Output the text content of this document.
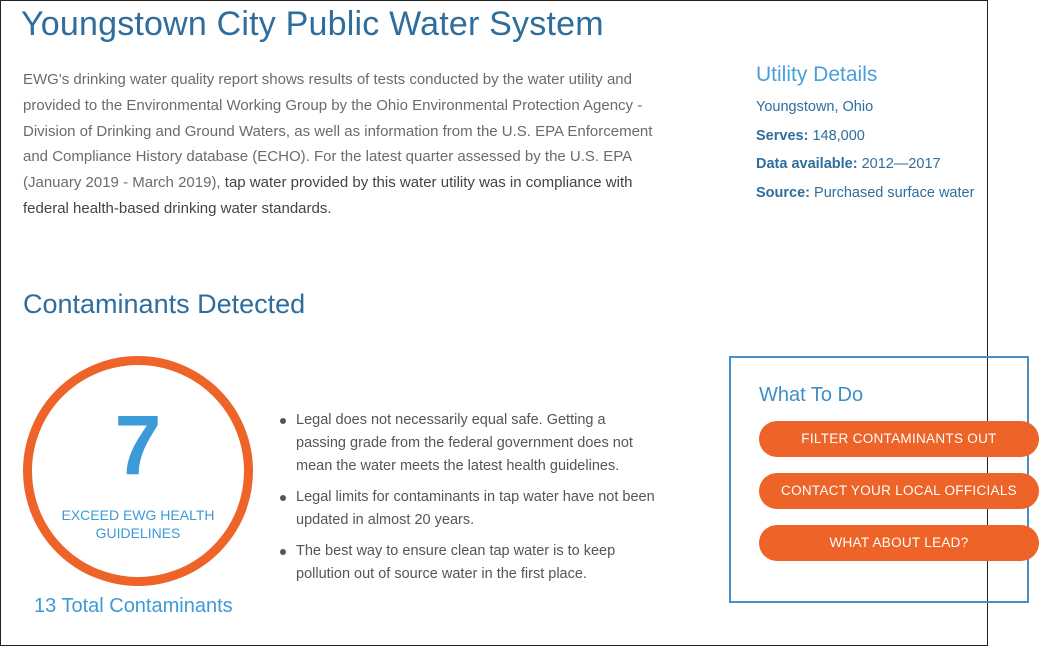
Youngstown City Public Water System

EWG's drinking water quality report shows results of tests conducted by the water utility and provided to the Environmental Working Group by the Ohio Environmental Protection Agency - Division of Drinking and Ground Waters, as well as information from the U.S. EPA Enforcement and Compliance History database (ECHO). For the latest quarter assessed by the U.S. EPA (January 2019 - March 2019), tap water provided by this water utility was in compliance with federal health-based drinking water standards.

Utility Details
Youngstown, Ohio
Serves: 148,000
Data available: 2012—2017
Source: Purchased surface water
Contaminants Detected
7
EXCEED EWG HEALTH GUIDELINES
13 Total Contaminants
Legal does not necessarily equal safe. Getting a passing grade from the federal government does not mean the water meets the latest health guidelines.
Legal limits for contaminants in tap water have not been updated in almost 20 years.
The best way to ensure clean tap water is to keep pollution out of source water in the first place.
What To Do
FILTER CONTAMINANTS OUT
CONTACT YOUR LOCAL OFFICIALS
WHAT ABOUT LEAD?
